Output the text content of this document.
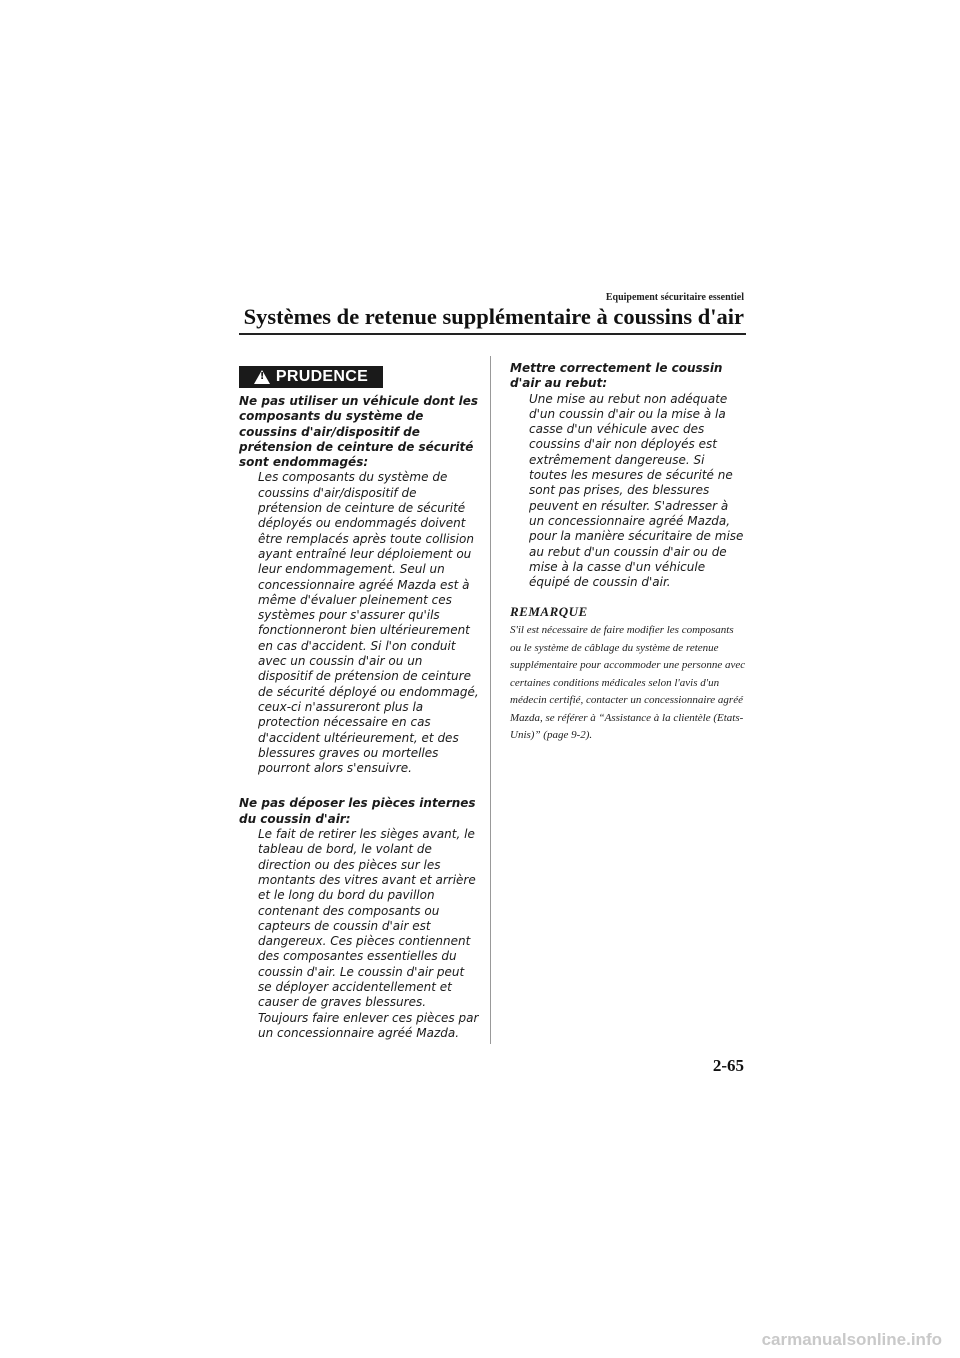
Equipement sécuritaire essentiel
Systèmes de retenue supplémentaire à coussins d'air
!
PRUDENCE

Ne pas utiliser un véhicule dont les composants du système de coussins d'air/dispositif de prétension de ceinture de sécurité sont endommagés:

Les composants du système de coussins d'air/dispositif de prétension de ceinture de sécurité déployés ou endommagés doivent être remplacés après toute collision ayant entraîné leur déploiement ou leur endommagement. Seul un concessionnaire agréé Mazda est à même d'évaluer pleinement ces systèmes pour s'assurer qu'ils fonctionneront bien ultérieurement en cas d'accident. Si l'on conduit avec un coussin d'air ou un dispositif de prétension de ceinture de sécurité déployé ou endommagé, ceux-ci n'assureront plus la protection nécessaire en cas d'accident ultérieurement, et des blessures graves ou mortelles pourront alors s'ensuivre.

Ne pas déposer les pièces internes du coussin d'air:

Le fait de retirer les sièges avant, le tableau de bord, le volant de direction ou des pièces sur les montants des vitres avant et arrière et le long du bord du pavillon contenant des composants ou capteurs de coussin d'air est dangereux. Ces pièces contiennent des composantes essentielles du coussin d'air. Le coussin d'air peut se déployer accidentellement et causer de graves blessures. Toujours faire enlever ces pièces par un concessionnaire agréé Mazda.

Mettre correctement le coussin d'air au rebut:

Une mise au rebut non adéquate d'un coussin d'air ou la mise à la casse d'un véhicule avec des coussins d'air non déployés est extrêmement dangereuse. Si toutes les mesures de sécurité ne sont pas prises, des blessures peuvent en résulter. S'adresser à un concessionnaire agréé Mazda, pour la manière sécuritaire de mise au rebut d'un coussin d'air ou de mise à la casse d'un véhicule équipé de coussin d'air.

REMARQUE
S'il est nécessaire de faire modifier les composants ou le système de câblage du système de retenue supplémentaire pour accommoder une personne avec certaines conditions médicales selon l'avis d'un médecin certifié, contacter un concessionnaire agréé Mazda, se référer à “Assistance à la clientèle (Etats-Unis)” (page 9-2).
2-65
carmanualsonline.info
